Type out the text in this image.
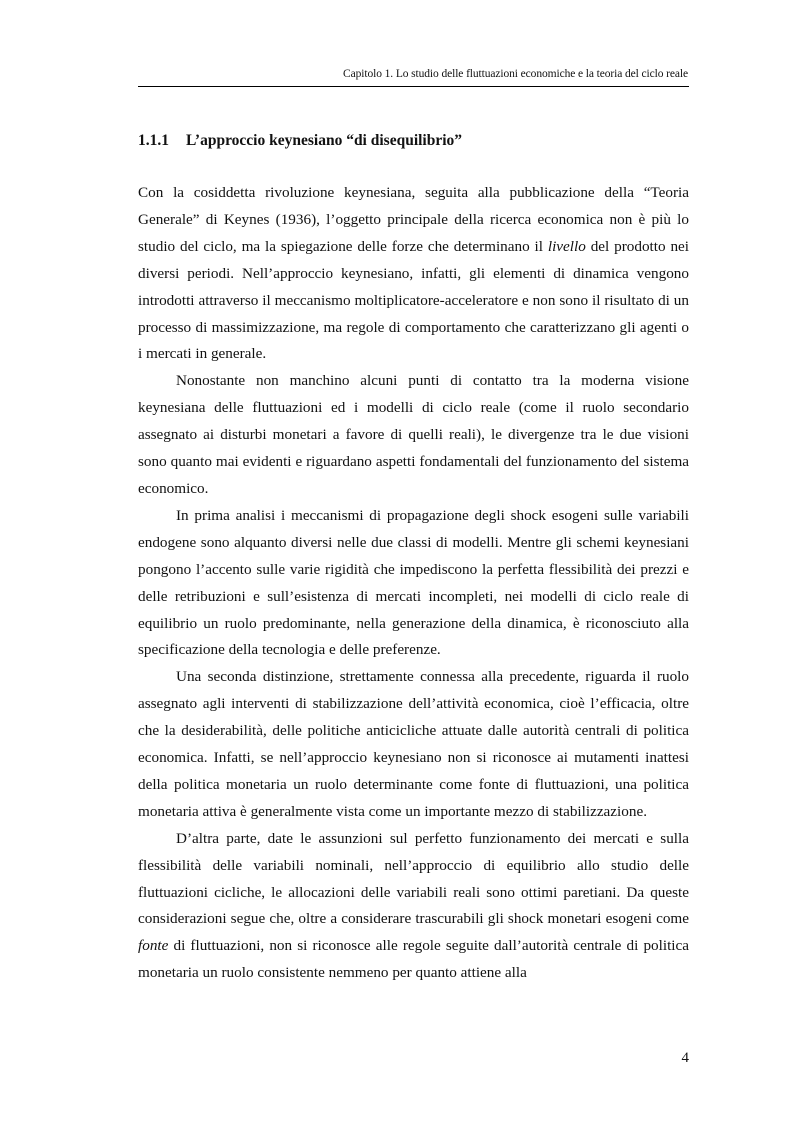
Capitolo 1. Lo studio delle fluttuazioni economiche e la teoria del ciclo reale
1.1.1 L’approccio keynesiano “di disequilibrio”

Con la cosiddetta rivoluzione keynesiana, seguita alla pubblicazione della “Teoria Generale” di Keynes (1936), l’oggetto principale della ricerca economica non è più lo studio del ciclo, ma la spiegazione delle forze che determinano il livello del prodotto nei diversi periodi. Nell’approccio keynesiano, infatti, gli elementi di dinamica vengono introdotti attraverso il meccanismo moltiplicatore-acceleratore e non sono il risultato di un processo di massimizzazione, ma regole di comportamento che caratterizzano gli agenti o i mercati in generale.

Nonostante non manchino alcuni punti di contatto tra la moderna visione keynesiana delle fluttuazioni ed i modelli di ciclo reale (come il ruolo secondario assegnato ai disturbi monetari a favore di quelli reali), le divergenze tra le due visioni sono quanto mai evidenti e riguardano aspetti fondamentali del funzionamento del sistema economico.

In prima analisi i meccanismi di propagazione degli shock esogeni sulle variabili endogene sono alquanto diversi nelle due classi di modelli. Mentre gli schemi keynesiani pongono l’accento sulle varie rigidità che impediscono la perfetta flessibilità dei prezzi e delle retribuzioni e sull’esistenza di mercati incompleti, nei modelli di ciclo reale di equilibrio un ruolo predominante, nella generazione della dinamica, è riconosciuto alla specificazione della tecnologia e delle preferenze.

Una seconda distinzione, strettamente connessa alla precedente, riguarda il ruolo assegnato agli interventi di stabilizzazione dell’attività economica, cioè l’efficacia, oltre che la desiderabilità, delle politiche anticicliche attuate dalle autorità centrali di politica economica. Infatti, se nell’approccio keynesiano non si riconosce ai mutamenti inattesi della politica monetaria un ruolo determinante come fonte di fluttuazioni, una politica monetaria attiva è generalmente vista come un importante mezzo di stabilizzazione.

D’altra parte, date le assunzioni sul perfetto funzionamento dei mercati e sulla flessibilità delle variabili nominali, nell’approccio di equilibrio allo studio delle fluttuazioni cicliche, le allocazioni delle variabili reali sono ottimi paretiani. Da queste considerazioni segue che, oltre a considerare trascurabili gli shock monetari esogeni come fonte di fluttuazioni, non si riconosce alle regole seguite dall’autorità centrale di politica monetaria un ruolo consistente nemmeno per quanto attiene alla

4
